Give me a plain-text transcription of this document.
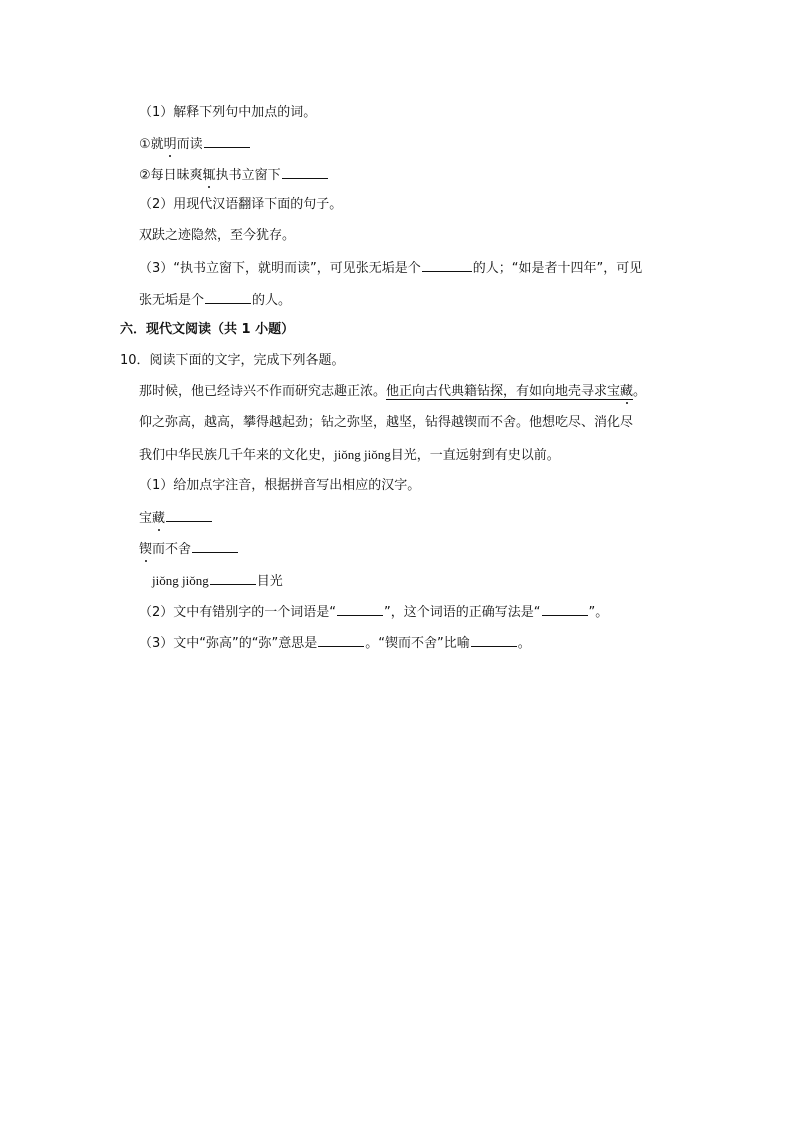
（1）解释下列句中加点的词。
①就明而读
②每日昧爽辄执书立窗下
（2）用现代汉语翻译下面的句子。
双趺之迹隐然，至今犹存。
（3）“执书立窗下，就明而读”，可见张无垢是个	的人；“如是者十四年”，可见
张无垢是个	的人。
六．现代文阅读（共 1 小题）
10．阅读下面的文字，完成下列各题。
那时候，他已经诗兴不作而研究志趣正浓。他正向古代典籍钻探，有如向地壳寻求宝藏。
仰之弥高，越高，攀得越起劲；钻之弥坚，越坚，钻得越锲而不舍。他想吃尽、消化尽
我们中华民族几千年来的文化史，jiǒng jiǒng目光，一直远射到有史以前。
（1）给加点字注音，根据拼音写出相应的汉字。
宝藏
锲而不舍
jiǒng jiǒng	目光
（2）文中有错别字的一个词语是“	”，这个词语的正确写法是“	”。
（3）文中“弥高”的“弥”意思是	。“锲而不舍”比喻	。
